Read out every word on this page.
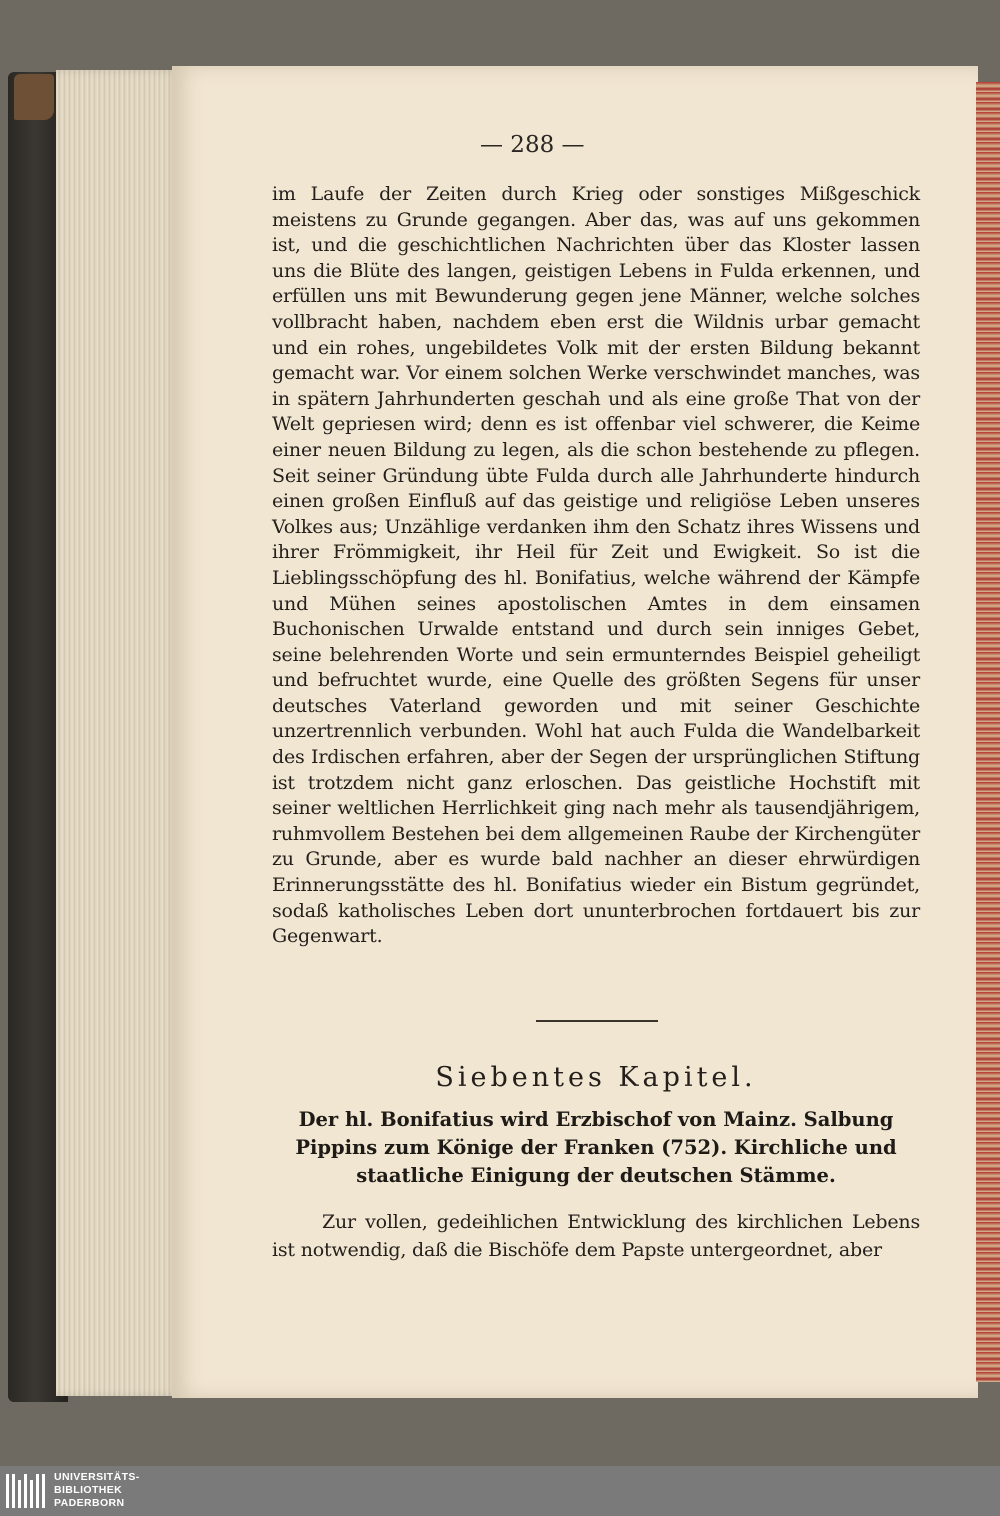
— 288 —

im Laufe der Zeiten durch Krieg oder sonstiges Mißgeschick meistens zu Grunde gegangen. Aber das, was auf uns gekommen ist, und die geschichtlichen Nachrichten über das Kloster lassen uns die Blüte des langen, geistigen Lebens in Fulda erkennen, und erfüllen uns mit Bewunderung gegen jene Männer, welche solches vollbracht haben, nachdem eben erst die Wildnis urbar gemacht und ein rohes, ungebildetes Volk mit der ersten Bildung bekannt gemacht war. Vor einem solchen Werke verschwindet manches, was in spätern Jahrhunderten geschah und als eine große That von der Welt gepriesen wird; denn es ist offenbar viel schwerer, die Keime einer neuen Bildung zu legen, als die schon bestehende zu pflegen. Seit seiner Gründung übte Fulda durch alle Jahrhunderte hindurch einen großen Einfluß auf das geistige und religiöse Leben unseres Volkes aus; Unzählige verdanken ihm den Schatz ihres Wissens und ihrer Frömmigkeit, ihr Heil für Zeit und Ewigkeit. So ist die Lieblingsschöpfung des hl. Bonifatius, welche während der Kämpfe und Mühen seines apostolischen Amtes in dem einsamen Buchonischen Urwalde entstand und durch sein inniges Gebet, seine belehrenden Worte und sein ermunterndes Beispiel geheiligt und befruchtet wurde, eine Quelle des größten Segens für unser deutsches Vaterland geworden und mit seiner Geschichte unzertrennlich verbunden. Wohl hat auch Fulda die Wandelbarkeit des Irdischen erfahren, aber der Segen der ursprünglichen Stiftung ist trotzdem nicht ganz erloschen. Das geistliche Hochstift mit seiner weltlichen Herrlichkeit ging nach mehr als tausendjährigem, ruhmvollem Bestehen bei dem allgemeinen Raube der Kirchengüter zu Grunde, aber es wurde bald nachher an dieser ehrwürdigen Erinnerungsstätte des hl. Bonifatius wieder ein Bistum gegründet, sodaß katholisches Leben dort ununterbrochen fortdauert bis zur Gegenwart.

Siebentes Kapitel.

Der hl. Bonifatius wird Erzbischof von Mainz. Salbung Pippins zum Könige der Franken (752). Kirchliche und staatliche Einigung der deutschen Stämme.

Zur vollen, gedeihlichen Entwicklung des kirchlichen Lebens ist notwendig, daß die Bischöfe dem Papste untergeordnet, aber

UNIVERSITÄTS-
BIBLIOTHEK
PADERBORN
